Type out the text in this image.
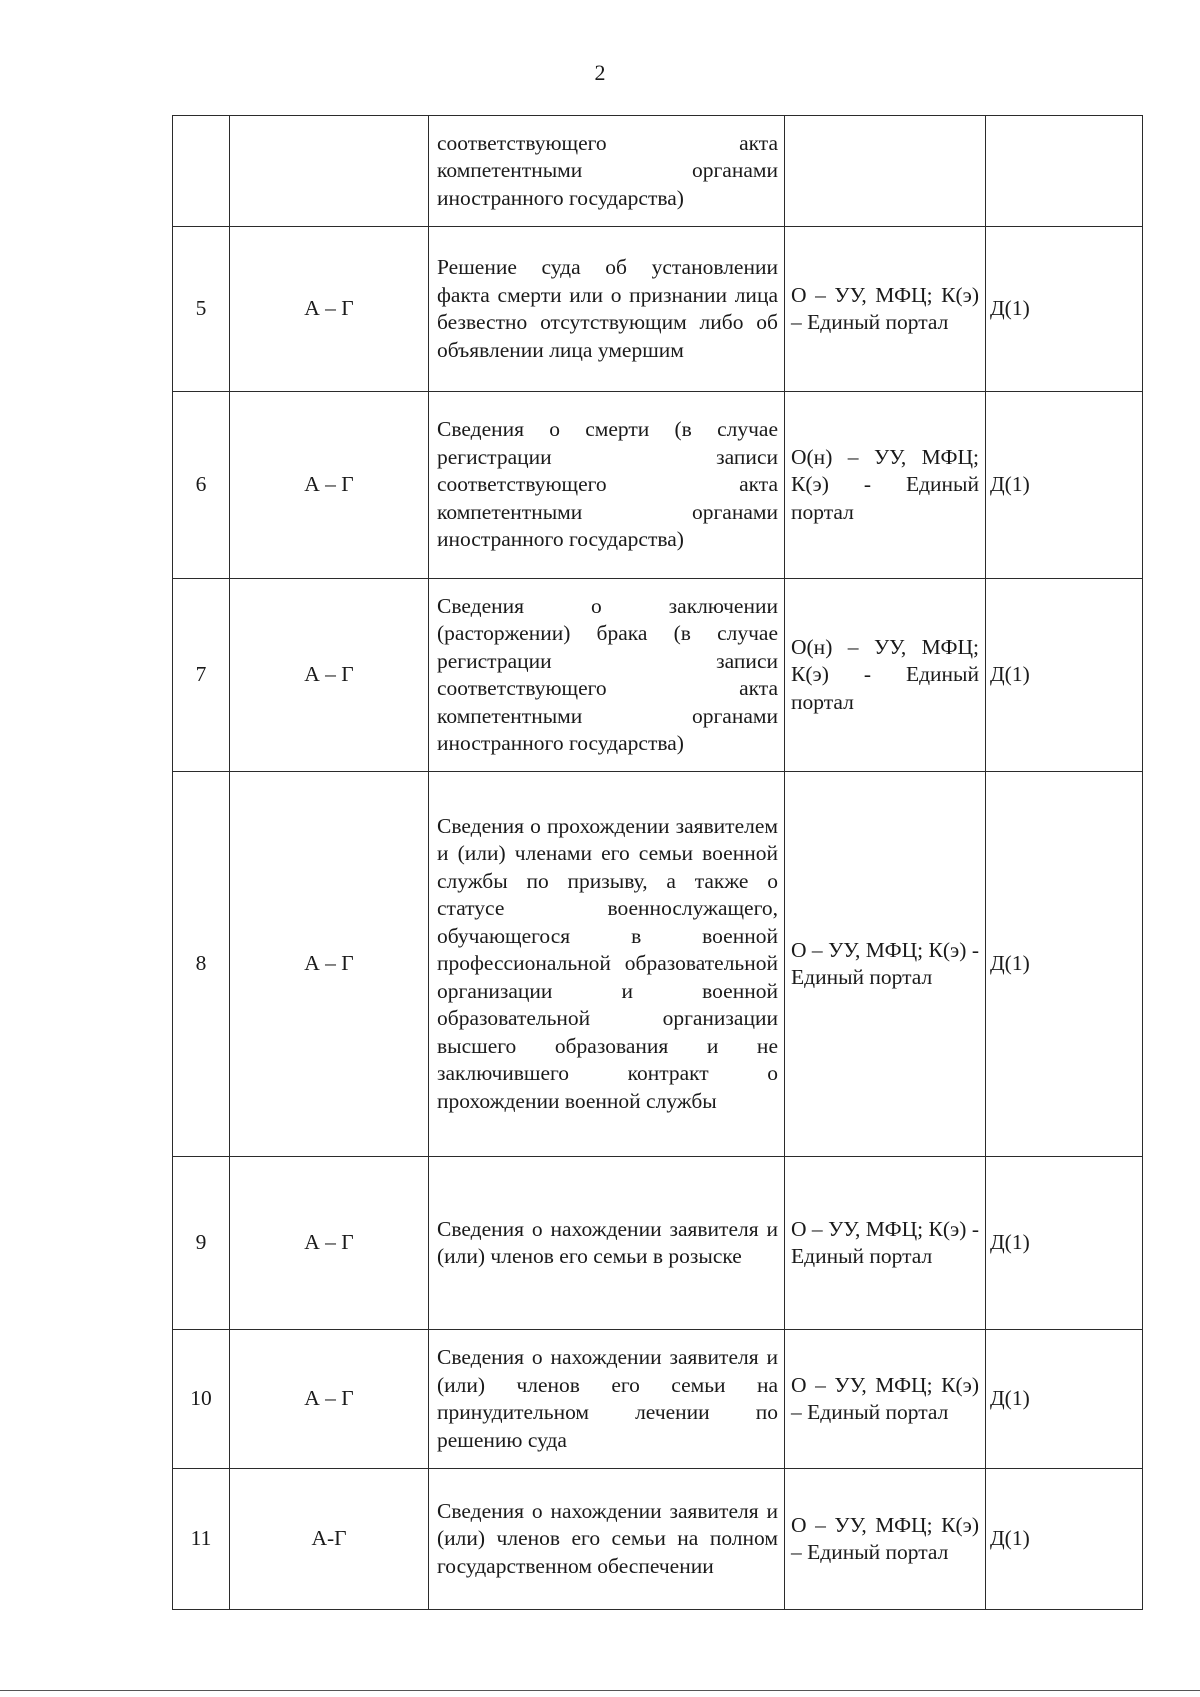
2
		соответствующего акта компетентными органами иностранного государства)		
5	А – Г	Решение суда об установлении факта смерти или о признании лица безвестно отсутствующим либо об объявлении лица умершим	О – УУ, МФЦ; К(э) – Единый портал	Д(1)
6	А – Г	Сведения о смерти (в случае регистрации записи соответствующего акта компетентными органами иностранного государства)	О(н) – УУ, МФЦ; К(э) - Единый портал	Д(1)
7	А – Г	Сведения о заключении (расторжении) брака (в случае регистрации записи соответствующего акта компетентными органами иностранного государства)	О(н) – УУ, МФЦ; К(э) - Единый портал	Д(1)
8	А – Г	Сведения о прохождении заявителем и (или) членами его семьи военной службы по призыву, а также о статусе военнослужащего, обучающегося в военной профессиональной образовательной организации и военной образовательной организации высшего образования и не заключившего контракт о прохождении военной службы	О – УУ, МФЦ; К(э) - Единый портал	Д(1)
9	А – Г	Сведения о нахождении заявителя и (или) членов его семьи в розыске	О – УУ, МФЦ; К(э) - Единый портал	Д(1)
10	А – Г	Сведения о нахождении заявителя и (или) членов его семьи на принудительном лечении по решению суда	О – УУ, МФЦ; К(э) – Единый портал	Д(1)
11	А-Г	Сведения о нахождении заявителя и (или) членов его семьи на полном государственном обеспечении	О – УУ, МФЦ; К(э) – Единый портал	Д(1)
